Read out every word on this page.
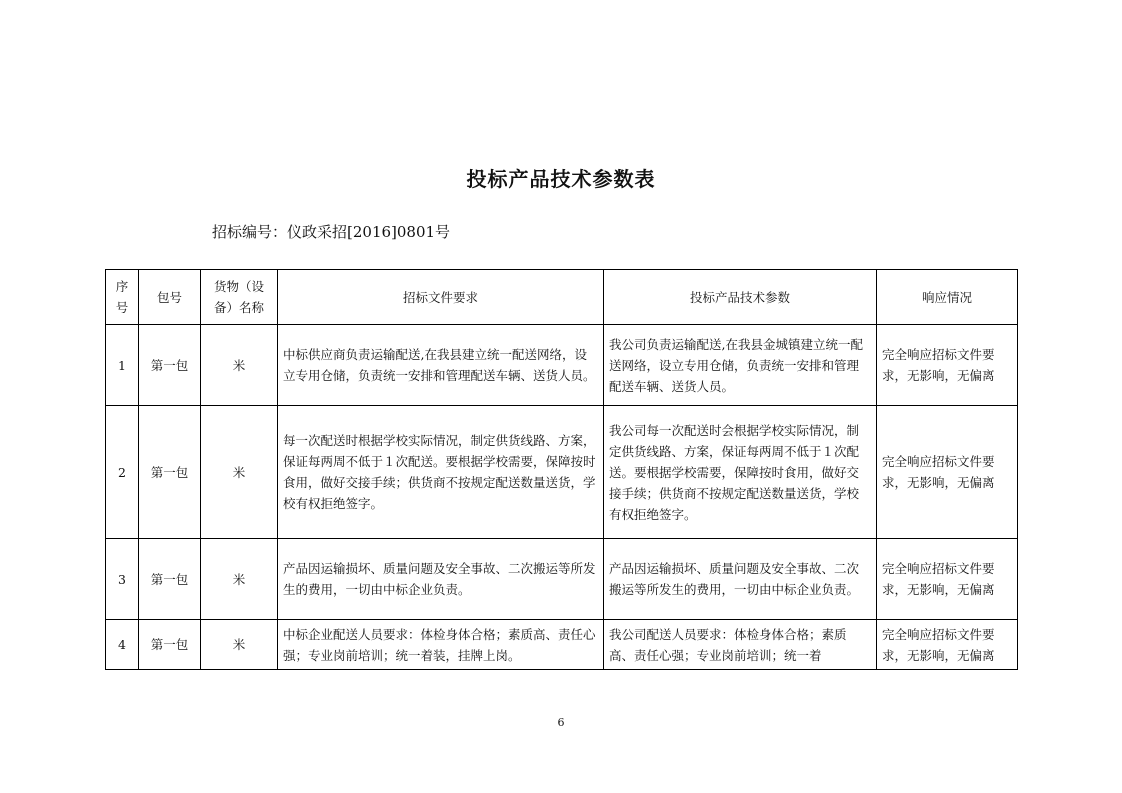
投标产品技术参数表
招标编号：仪政采招[2016]0801号
序号	包号	货物（设备）名称	招标文件要求	投标产品技术参数	响应情况
1	第一包	米	中标供应商负责运输配送,在我县建立统一配送网络，设立专用仓储，负责统一安排和管理配送车辆、送货人员。	我公司负责运输配送,在我县金城镇建立统一配送网络，设立专用仓储，负责统一安排和管理配送车辆、送货人员。	完全响应招标文件要求，无影响，无偏离
2	第一包	米	每一次配送时根据学校实际情况，制定供货线路、方案，保证每两周不低于１次配送。要根据学校需要，保障按时食用，做好交接手续；供货商不按规定配送数量送货，学校有权拒绝签字。	我公司每一次配送时会根据学校实际情况，制定供货线路、方案，保证每两周不低于１次配送。要根据学校需要，保障按时食用，做好交接手续；供货商不按规定配送数量送货，学校有权拒绝签字。	完全响应招标文件要求，无影响，无偏离
3	第一包	米	产品因运输损坏、质量问题及安全事故、二次搬运等所发生的费用，一切由中标企业负责。	产品因运输损坏、质量问题及安全事故、二次搬运等所发生的费用，一切由中标企业负责。	完全响应招标文件要求，无影响，无偏离
4	第一包	米	中标企业配送人员要求：体检身体合格；素质高、责任心强；专业岗前培训；统一着装，挂牌上岗。	我公司配送人员要求：体检身体合格；素质高、责任心强；专业岗前培训；统一着	完全响应招标文件要求，无影响，无偏离
6
